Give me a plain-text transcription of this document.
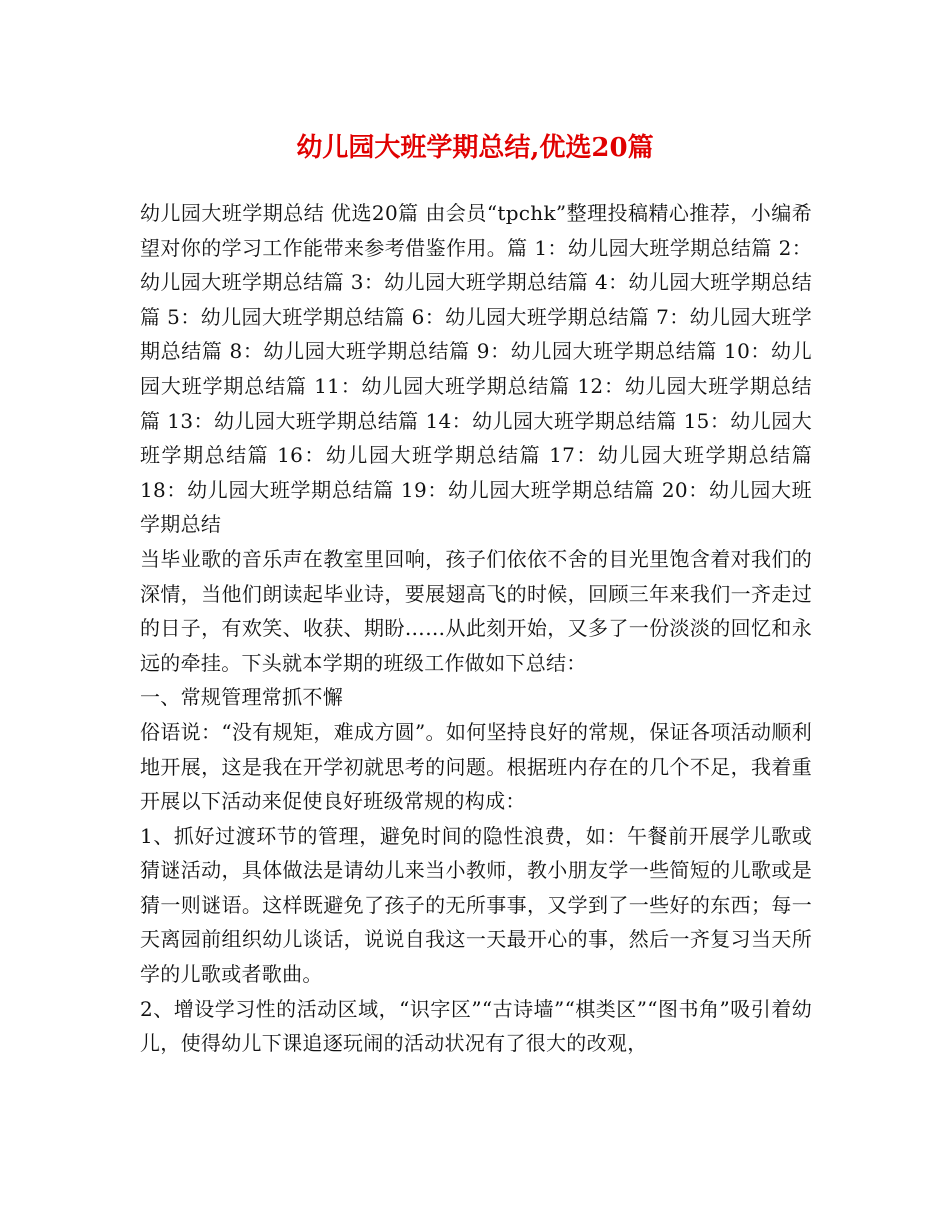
幼儿园大班学期总结,优选20篇

幼儿园大班学期总结 优选20篇 由会员“tpchk”整理投稿精心推荐，小编希望对你的学习工作能带来参考借鉴作用。篇 1：幼儿园大班学期总结篇 2：幼儿园大班学期总结篇 3：幼儿园大班学期总结篇 4：幼儿园大班学期总结篇 5：幼儿园大班学期总结篇 6：幼儿园大班学期总结篇 7：幼儿园大班学期总结篇 8：幼儿园大班学期总结篇 9：幼儿园大班学期总结篇 10：幼儿园大班学期总结篇 11：幼儿园大班学期总结篇 12：幼儿园大班学期总结篇 13：幼儿园大班学期总结篇 14：幼儿园大班学期总结篇 15：幼儿园大班学期总结篇 16：幼儿园大班学期总结篇 17：幼儿园大班学期总结篇 18：幼儿园大班学期总结篇 19：幼儿园大班学期总结篇 20：幼儿园大班学期总结

当毕业歌的音乐声在教室里回响，孩子们依依不舍的目光里饱含着对我们的深情，当他们朗读起毕业诗，要展翅高飞的时候，回顾三年来我们一齐走过的日子，有欢笑、收获、期盼……从此刻开始，又多了一份淡淡的回忆和永远的牵挂。下头就本学期的班级工作做如下总结：

一、常规管理常抓不懈

俗语说：“没有规矩，难成方圆”。如何坚持良好的常规，保证各项活动顺利地开展，这是我在开学初就思考的问题。根据班内存在的几个不足，我着重开展以下活动来促使良好班级常规的构成：

1、抓好过渡环节的管理，避免时间的隐性浪费，如：午餐前开展学儿歌或猜谜活动，具体做法是请幼儿来当小教师，教小朋友学一些简短的儿歌或是猜一则谜语。这样既避免了孩子的无所事事，又学到了一些好的东西；每一天离园前组织幼儿谈话，说说自我这一天最开心的事，然后一齐复习当天所学的儿歌或者歌曲。

2、增设学习性的活动区域，“识字区”“古诗墙”“棋类区”“图书角”吸引着幼儿，使得幼儿下课追逐玩闹的活动状况有了很大的改观，
